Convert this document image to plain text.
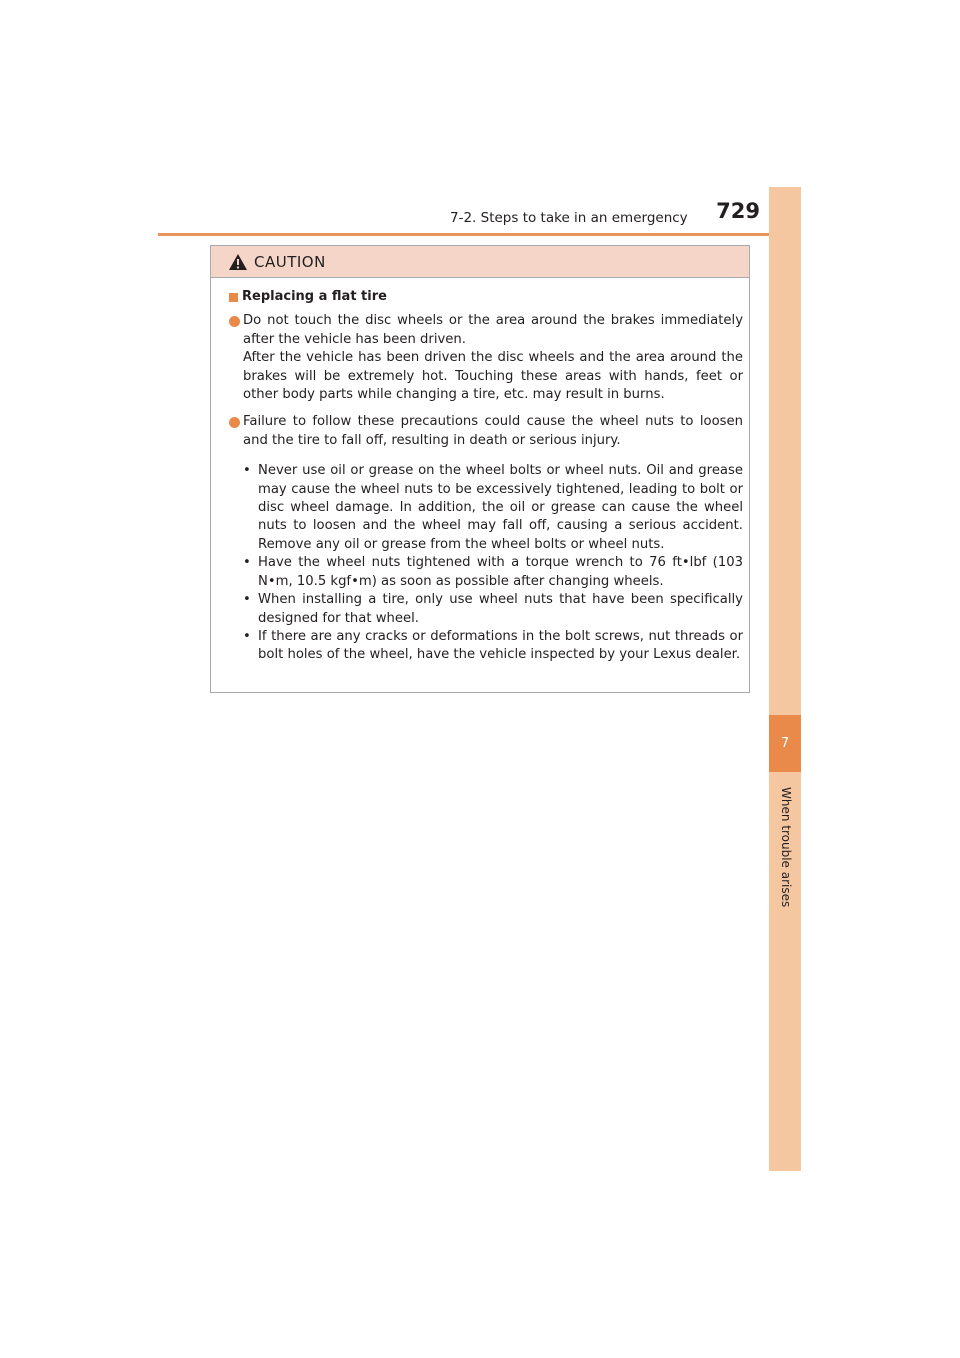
7-2. Steps to take in an emergency	729
7
When trouble arises
CAUTION
Replacing a flat tire

Do not touch the disc wheels or the area around the brakes immediately after the vehicle has been driven.

After the vehicle has been driven the disc wheels and the area around the brakes will be extremely hot. Touching these areas with hands, feet or other body parts while changing a tire, etc. may result in burns.

Failure to follow these precautions could cause the wheel nuts to loosen and the tire to fall off, resulting in death or serious injury.

• Never use oil or grease on the wheel bolts or wheel nuts. Oil and grease may cause the wheel nuts to be excessively tightened, leading to bolt or disc wheel damage. In addition, the oil or grease can cause the wheel nuts to loosen and the wheel may fall off, causing a serious accident. Remove any oil or grease from the wheel bolts or wheel nuts.
• Have the wheel nuts tightened with a torque wrench to 76 ft•lbf (103 N•m, 10.5 kgf•m) as soon as possible after changing wheels.
• When installing a tire, only use wheel nuts that have been specifically designed for that wheel.
• If there are any cracks or deformations in the bolt screws, nut threads or bolt holes of the wheel, have the vehicle inspected by your Lexus dealer.
